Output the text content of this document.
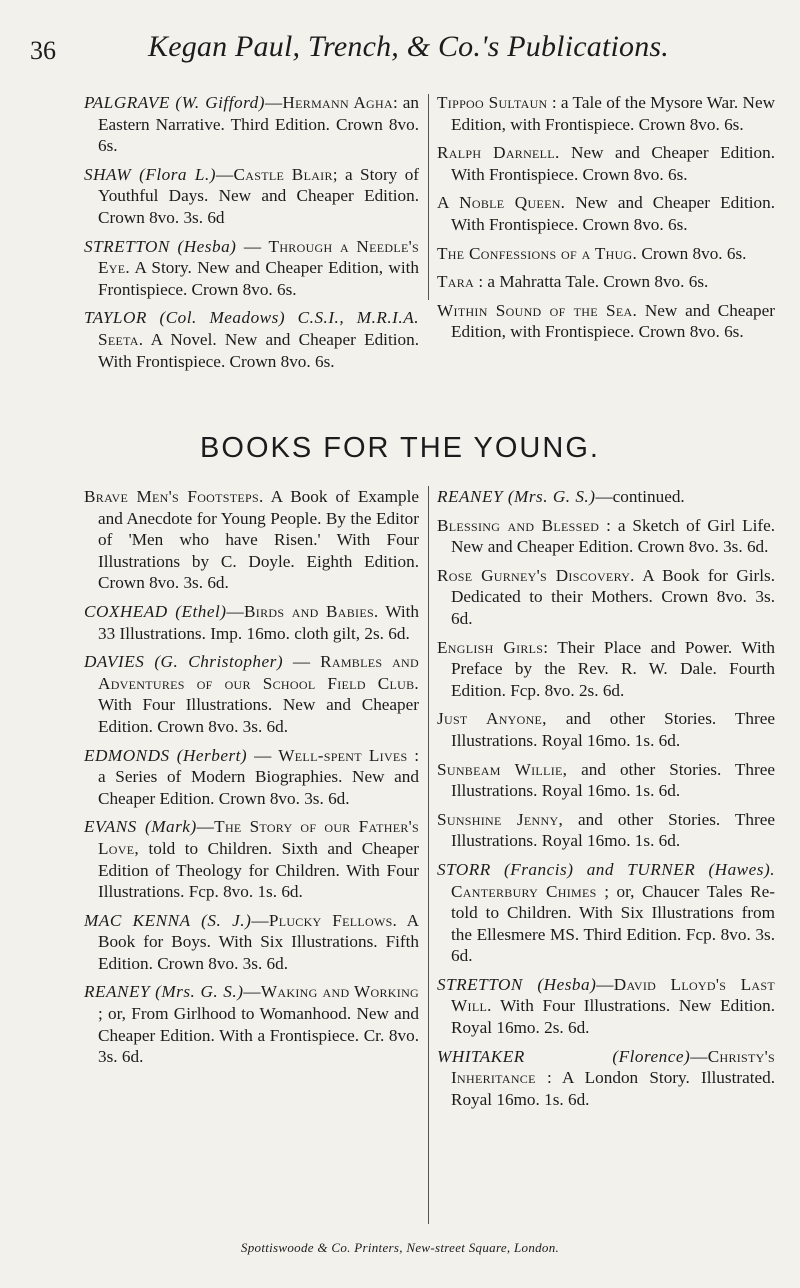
36	Kegan Paul, Trench, & Co.'s Publications.
PALGRAVE (W. Gifford)—Hermann Agha: an Eastern Narrative. Third Edition. Crown 8vo. 6s.
SHAW (Flora L.)—Castle Blair; a Story of Youthful Days. New and Cheaper Edition. Crown 8vo. 3s. 6d
STRETTON (Hesba) — Through a Needle's Eye. A Story. New and Cheaper Edition, with Frontispiece. Crown 8vo. 6s.
TAYLOR (Col. Meadows) C.S.I., M.R.I.A. Seeta. A Novel. New and Cheaper Edition. With Frontispiece. Crown 8vo. 6s.
Tippoo Sultaun : a Tale of the Mysore War. New Edition, with Frontispiece. Crown 8vo. 6s.
Ralph Darnell. New and Cheaper Edition. With Frontispiece. Crown 8vo. 6s.
A Noble Queen. New and Cheaper Edition. With Frontispiece. Crown 8vo. 6s.
The Confessions of a Thug. Crown 8vo. 6s.
Tara : a Mahratta Tale. Crown 8vo. 6s.
Within Sound of the Sea. New and Cheaper Edition, with Frontispiece. Crown 8vo. 6s.
BOOKS FOR THE YOUNG.
Brave Men's Footsteps. A Book of Example and Anecdote for Young People. By the Editor of 'Men who have Risen.' With Four Illustrations by C. Doyle. Eighth Edition. Crown 8vo. 3s. 6d.
COXHEAD (Ethel)—Birds and Babies. With 33 Illustrations. Imp. 16mo. cloth gilt, 2s. 6d.
DAVIES (G. Christopher) — Rambles and Adventures of our School Field Club. With Four Illustrations. New and Cheaper Edition. Crown 8vo. 3s. 6d.
EDMONDS (Herbert) — Well-spent Lives : a Series of Modern Biographies. New and Cheaper Edition. Crown 8vo. 3s. 6d.
EVANS (Mark)—The Story of our Father's Love, told to Children. Sixth and Cheaper Edition of Theology for Children. With Four Illustrations. Fcp. 8vo. 1s. 6d.
MAC KENNA (S. J.)—Plucky Fellows. A Book for Boys. With Six Illustrations. Fifth Edition. Crown 8vo. 3s. 6d.
REANEY (Mrs. G. S.)—Waking and Working ; or, From Girlhood to Womanhood. New and Cheaper Edition. With a Frontispiece. Cr. 8vo. 3s. 6d.
REANEY (Mrs. G. S.)—continued.
Blessing and Blessed : a Sketch of Girl Life. New and Cheaper Edition. Crown 8vo. 3s. 6d.
Rose Gurney's Discovery. A Book for Girls. Dedicated to their Mothers. Crown 8vo. 3s. 6d.
English Girls: Their Place and Power. With Preface by the Rev. R. W. Dale. Fourth Edition. Fcp. 8vo. 2s. 6d.
Just Anyone, and other Stories. Three Illustrations. Royal 16mo. 1s. 6d.
Sunbeam Willie, and other Stories. Three Illustrations. Royal 16mo. 1s. 6d.
Sunshine Jenny, and other Stories. Three Illustrations. Royal 16mo. 1s. 6d.
STORR (Francis) and TURNER (Hawes). Canterbury Chimes ; or, Chaucer Tales Re-told to Children. With Six Illustrations from the Ellesmere MS. Third Edition. Fcp. 8vo. 3s. 6d.
STRETTON (Hesba)—David Lloyd's Last Will. With Four Illustrations. New Edition. Royal 16mo. 2s. 6d.
WHITAKER (Florence)—Christy's Inheritance : A London Story. Illustrated. Royal 16mo. 1s. 6d.
Spottiswoode & Co. Printers, New-street Square, London.
